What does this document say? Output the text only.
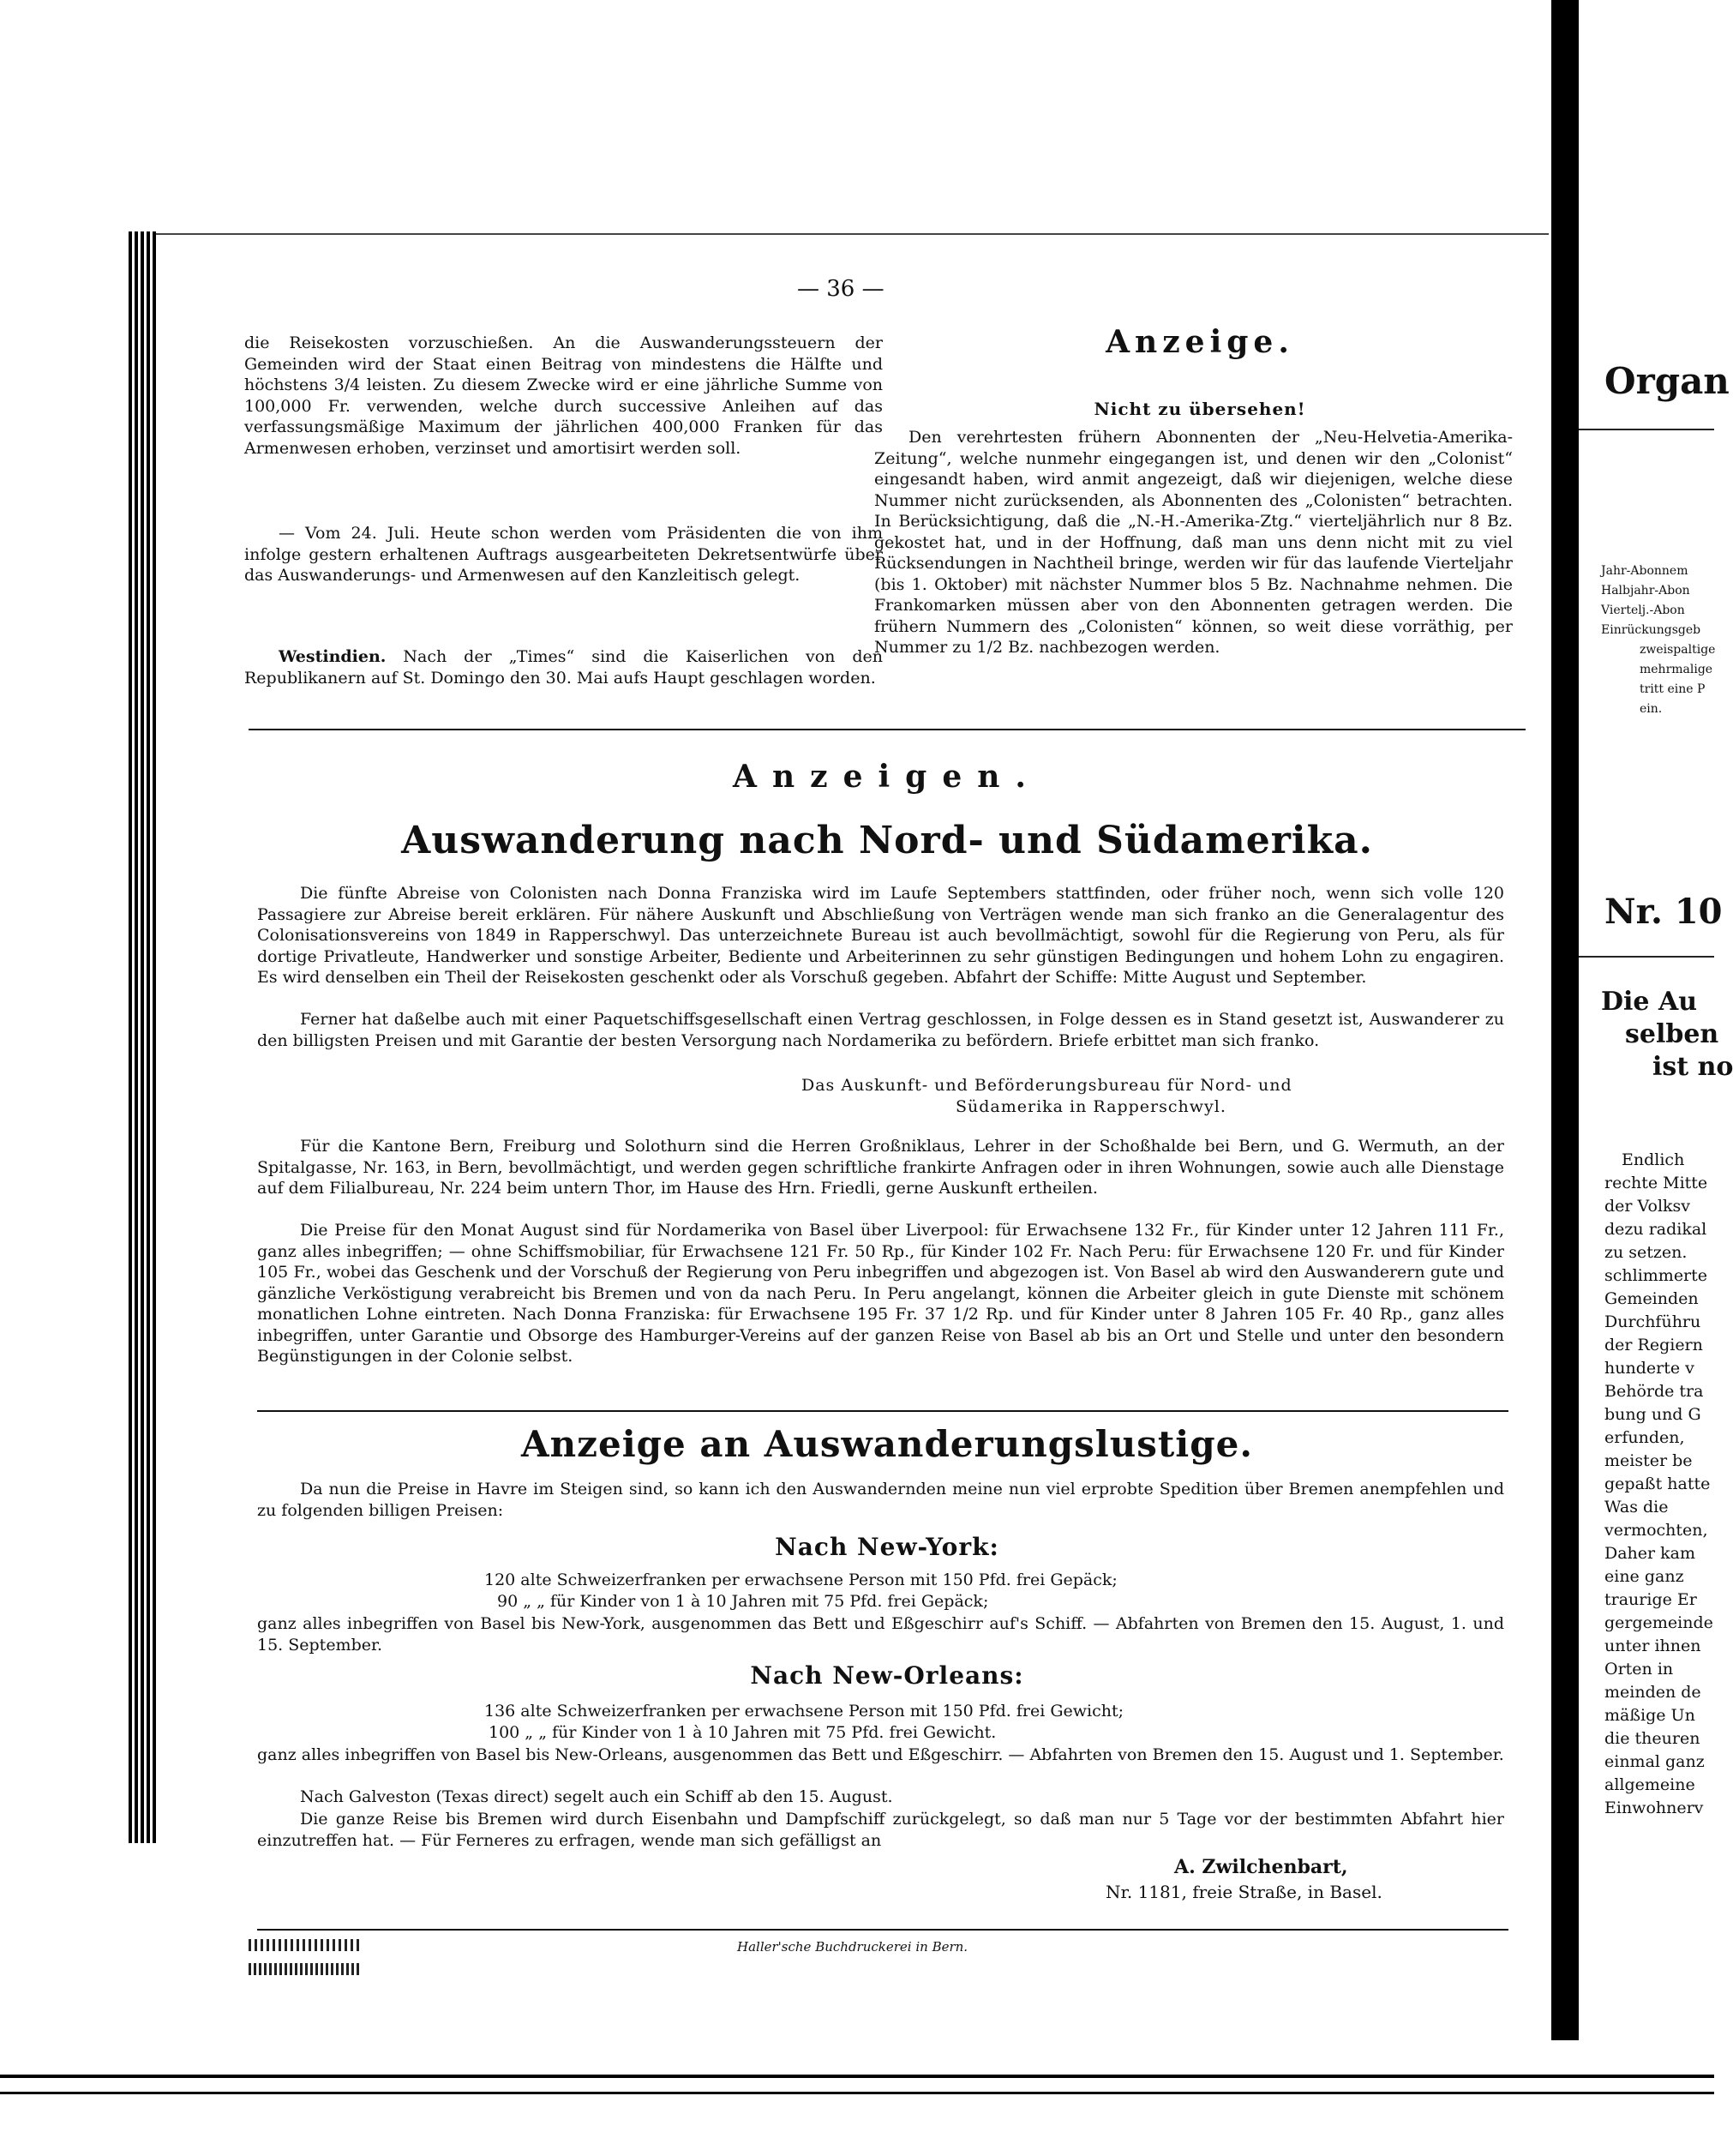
— 36 —

die Reisekosten vorzuschießen. An die Auswanderungssteuern der Gemeinden wird der Staat einen Beitrag von mindestens die Hälfte und höchstens 3/4 leisten. Zu diesem Zwecke wird er eine jährliche Summe von 100,000 Fr. verwenden, welche durch successive Anleihen auf das verfassungsmäßige Maximum der jährlichen 400,000 Franken für das Armenwesen erhoben, verzinset und amortisirt werden soll.

— Vom 24. Juli. Heute schon werden vom Präsidenten die von ihm infolge gestern erhaltenen Auftrags ausgearbeiteten Dekretsentwürfe über das Auswanderungs- und Armenwesen auf den Kanzleitisch gelegt.

Westindien. Nach der „Times“ sind die Kaiserlichen von den Republikanern auf St. Domingo den 30. Mai aufs Haupt geschlagen worden.

Anzeige.
Nicht zu übersehen!

Den verehrtesten frühern Abonnenten der „Neu-Helvetia-Amerika-Zeitung“, welche nunmehr eingegangen ist, und denen wir den „Colonist“ eingesandt haben, wird anmit angezeigt, daß wir diejenigen, welche diese Nummer nicht zurücksenden, als Abonnenten des „Colonisten“ betrachten. In Berücksichtigung, daß die „N.-H.-Amerika-Ztg.“ vierteljährlich nur 8 Bz. gekostet hat, und in der Hoffnung, daß man uns denn nicht mit zu viel Rücksendungen in Nachtheil bringe, werden wir für das laufende Vierteljahr (bis 1. Oktober) mit nächster Nummer blos 5 Bz. Nachnahme nehmen. Die Frankomarken müssen aber von den Abonnenten getragen werden. Die frühern Nummern des „Colonisten“ können, so weit diese vorräthig, per Nummer zu 1/2 Bz. nachbezogen werden.

Anzeigen.
Auswanderung nach Nord- und Südamerika.

Die fünfte Abreise von Colonisten nach Donna Franziska wird im Laufe Septembers stattfinden, oder früher noch, wenn sich volle 120 Passagiere zur Abreise bereit erklären. Für nähere Auskunft und Abschließung von Verträgen wende man sich franko an die Generalagentur des Colonisationsvereins von 1849 in Rapperschwyl. Das unterzeichnete Bureau ist auch bevollmächtigt, sowohl für die Regierung von Peru, als für dortige Privatleute, Handwerker und sonstige Arbeiter, Bediente und Arbeiterinnen zu sehr günstigen Bedingungen und hohem Lohn zu engagiren. Es wird denselben ein Theil der Reisekosten geschenkt oder als Vorschuß gegeben. Abfahrt der Schiffe: Mitte August und September.

Ferner hat daßelbe auch mit einer Paquetschiffsgesellschaft einen Vertrag geschlossen, in Folge dessen es in Stand gesetzt ist, Auswanderer zu den billigsten Preisen und mit Garantie der besten Versorgung nach Nordamerika zu befördern. Briefe erbittet man sich franko.

Das Auskunft- und Beförderungsbureau für Nord- und
Südamerika in Rapperschwyl.

Für die Kantone Bern, Freiburg und Solothurn sind die Herren Großniklaus, Lehrer in der Schoßhalde bei Bern, und G. Wermuth, an der Spitalgasse, Nr. 163, in Bern, bevollmächtigt, und werden gegen schriftliche frankirte Anfragen oder in ihren Wohnungen, sowie auch alle Dienstage auf dem Filialbureau, Nr. 224 beim untern Thor, im Hause des Hrn. Friedli, gerne Auskunft ertheilen.

Die Preise für den Monat August sind für Nordamerika von Basel über Liverpool: für Erwachsene 132 Fr., für Kinder unter 12 Jahren 111 Fr., ganz alles inbegriffen; — ohne Schiffsmobiliar, für Erwachsene 121 Fr. 50 Rp., für Kinder 102 Fr. Nach Peru: für Erwachsene 120 Fr. und für Kinder 105 Fr., wobei das Geschenk und der Vorschuß der Regierung von Peru inbegriffen und abgezogen ist. Von Basel ab wird den Auswanderern gute und gänzliche Verköstigung verabreicht bis Bremen und von da nach Peru. In Peru angelangt, können die Arbeiter gleich in gute Dienste mit schönem monatlichen Lohne eintreten. Nach Donna Franziska: für Erwachsene 195 Fr. 37 1/2 Rp. und für Kinder unter 8 Jahren 105 Fr. 40 Rp., ganz alles inbegriffen, unter Garantie und Obsorge des Hamburger-Vereins auf der ganzen Reise von Basel ab bis an Ort und Stelle und unter den besondern Begünstigungen in der Colonie selbst.

Anzeige an Auswanderungslustige.

Da nun die Preise in Havre im Steigen sind, so kann ich den Auswandernden meine nun viel erprobte Spedition über Bremen anempfehlen und zu folgenden billigen Preisen:

Nach New-York:
120 alte Schweizerfranken per erwachsene Person mit 150 Pfd. frei Gepäck;
90 „ „ für Kinder von 1 à 10 Jahren mit 75 Pfd. frei Gepäck;

ganz alles inbegriffen von Basel bis New-York, ausgenommen das Bett und Eßgeschirr auf's Schiff. — Abfahrten von Bremen den 15. August, 1. und 15. September.

Nach New-Orleans:
136 alte Schweizerfranken per erwachsene Person mit 150 Pfd. frei Gewicht;
100 „ „ für Kinder von 1 à 10 Jahren mit 75 Pfd. frei Gewicht.

ganz alles inbegriffen von Basel bis New-Orleans, ausgenommen das Bett und Eßgeschirr. — Abfahrten von Bremen den 15. August und 1. September.

Nach Galveston (Texas direct) segelt auch ein Schiff ab den 15. August.

Die ganze Reise bis Bremen wird durch Eisenbahn und Dampfschiff zurückgelegt, so daß man nur 5 Tage vor der bestimmten Abfahrt hier einzutreffen hat. — Für Ferneres zu erfragen, wende man sich gefälligst an

A. Zwilchenbart,
Nr. 1181, freie Straße, in Basel.
Haller'sche Buchdruckerei in Bern.
Organ
Jahr-Abonnem
Halbjahr-Abon
Viertelj.-Abon
Einrückungsgeb
zweispaltige
mehrmalige
tritt eine P
ein.
Nr. 10
Die Au
selben
ist no
Endlich
rechte Mitte
der Volksv
dezu radikal
zu setzen.
schlimmerte
Gemeinden
Durchführu
der Regiern
hunderte v
Behörde tra
bung und G
erfunden,
meister be
gepaßt hatte
Was die
vermochten,
Daher kam
eine ganz
traurige Er
gergemeinde
unter ihnen
Orten in
meinden de
mäßige Un
die theuren
einmal ganz
allgemeine
Einwohnerv
